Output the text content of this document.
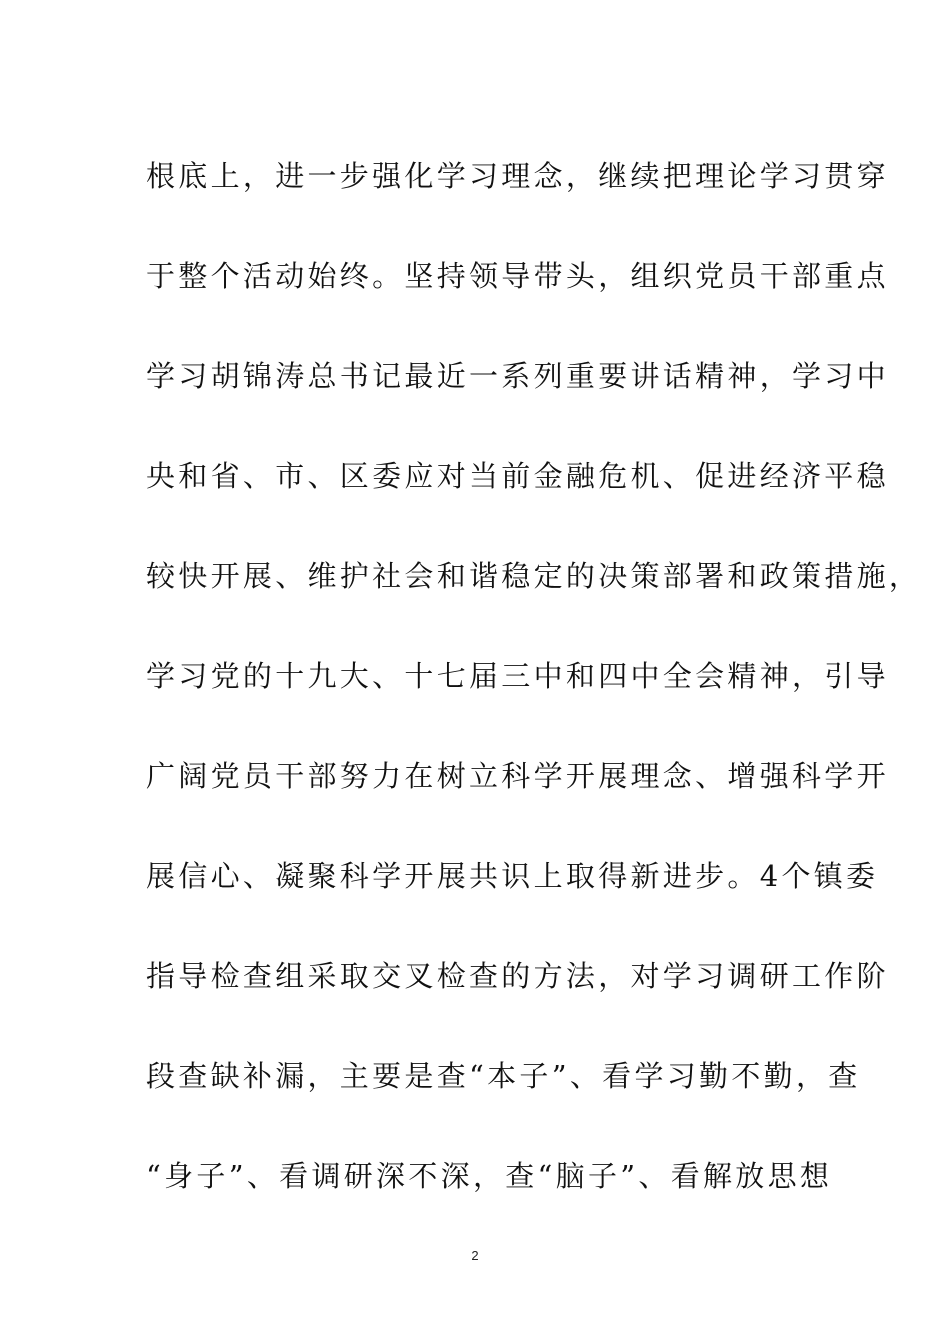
根底上，进一步强化学习理念，继续把理论学习贯穿
于整个活动始终。坚持领导带头，组织党员干部重点
学习胡锦涛总书记最近一系列重要讲话精神，学习中
央和省、市、区委应对当前金融危机、促进经济平稳
较快开展、维护社会和谐稳定的决策部署和政策措施，
学习党的十九大、十七届三中和四中全会精神，引导
广阔党员干部努力在树立科学开展理念、增强科学开
展信心、凝聚科学开展共识上取得新进步。4个镇委
指导检查组采取交叉检查的方法，对学习调研工作阶
段查缺补漏，主要是查“本子”、看学习勤不勤，查
“身子”、看调研深不深，查“脑子”、看解放思想
2
